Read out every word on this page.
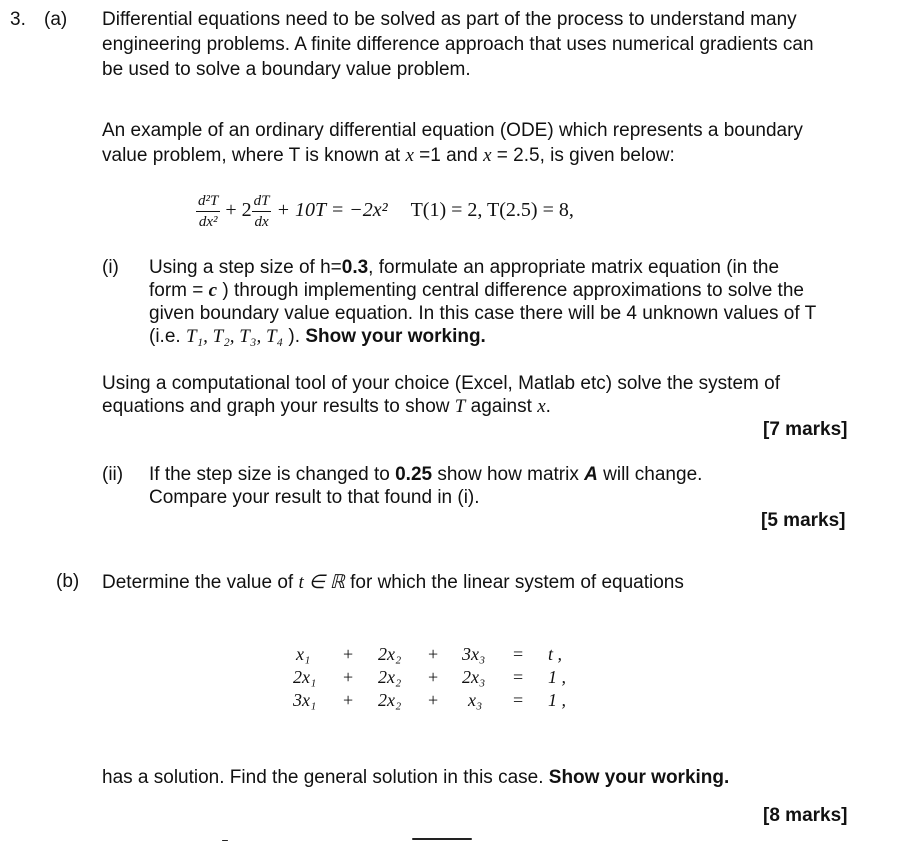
3. (a) Differential equations need to be solved as part of the process to understand many
engineering problems. A finite difference approach that uses numerical gradients can
be used to solve a boundary value problem.
An example of an ordinary differential equation (ODE) which represents a boundary
value problem, where T is known at x =1 and x = 2.5, is given below:
$\frac{\text{d²T}}{\text{dx²}} + 2 \frac{dT}{dx} + 10T = -2x^2$ T(1) = 2, T(2.5) = 8,
(i) Using a step size of h=0.3, formulate an appropriate matrix equation (in the
form = c ) through implementing central difference approximations to solve the
given boundary value equation. In this case there will be 4 unknown values of T
(i.e. T₁, T₂, T₃, T₄ ). Show your working.
Using a computational tool of your choice (Excel, Matlab etc) solve the system of
equations and graph your results to show T against x.
[7 marks]
(ii) If the step size is changed to 0.25 show how matrix A will change.
Compare your result to that found in (i).
[5 marks]
(b) Determine the value of t ∈ ℝ for which the linear system of equations
x₁ + 2x₂ + 3x₃ = t ,
2x₁ + 2x₂ + 2x₃ = 1 ,
3x₁ + 2x₂ + x₃ = 1 ,
has a solution. Find the general solution in this case. Show your working.
[8 marks]
